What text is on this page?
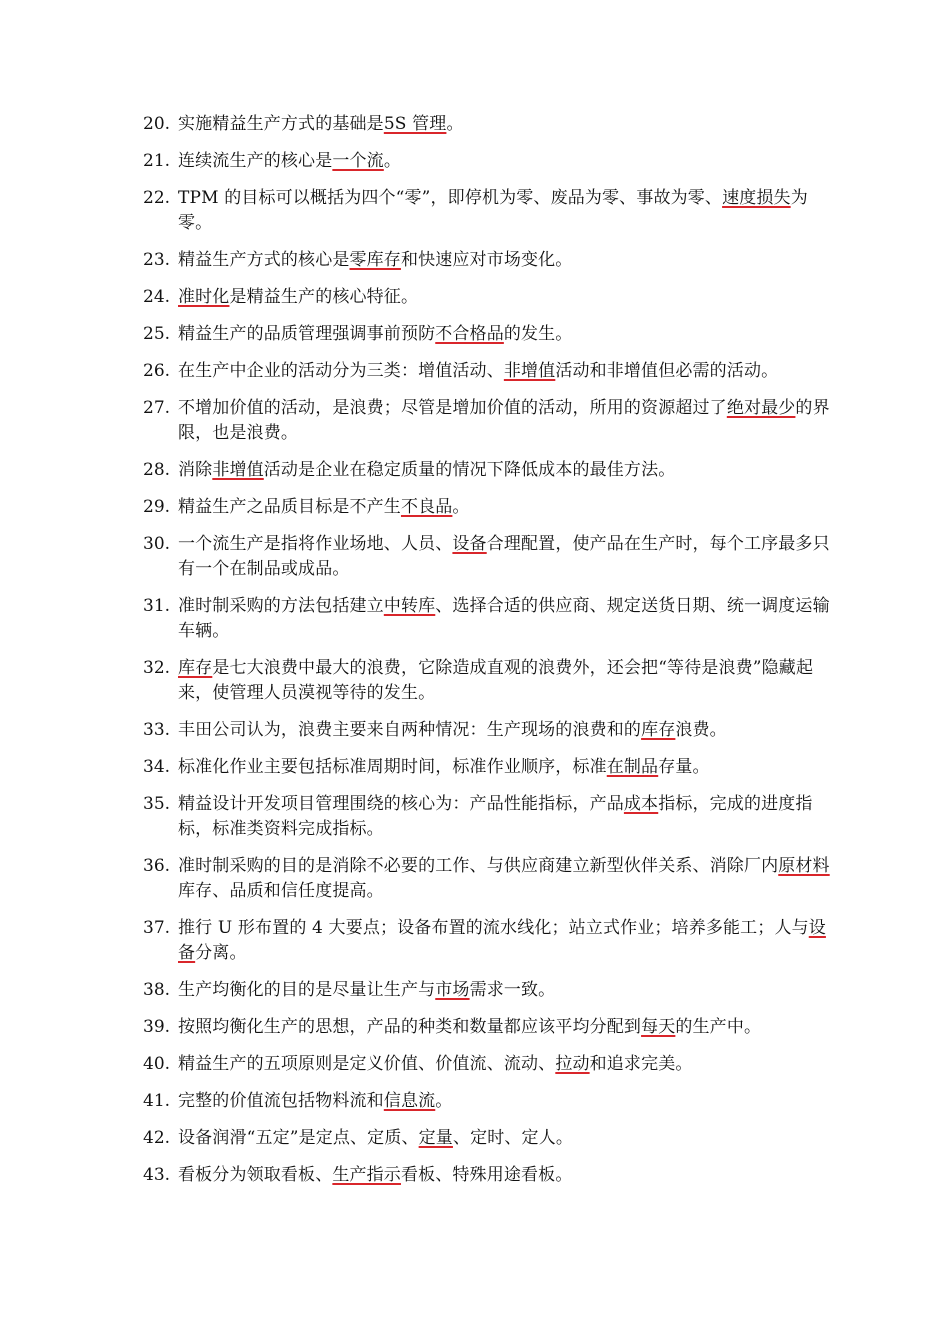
20. 实施精益生产方式的基础是5S 管理。
21. 连续流生产的核心是一个流。
22. TPM 的目标可以概括为四个“零”，即停机为零、废品为零、事故为零、速度损失为零。
23. 精益生产方式的核心是零库存和快速应对市场变化。
24. 准时化是精益生产的核心特征。
25. 精益生产的品质管理强调事前预防不合格品的发生。
26. 在生产中企业的活动分为三类：增值活动、非增值活动和非增值但必需的活动。
27. 不增加价值的活动，是浪费；尽管是增加价值的活动，所用的资源超过了绝对最少的界限，也是浪费。
28. 消除非增值活动是企业在稳定质量的情况下降低成本的最佳方法。
29. 精益生产之品质目标是不产生不良品。
30. 一个流生产是指将作业场地、人员、设备合理配置，使产品在生产时，每个工序最多只有一个在制品或成品。
31. 准时制采购的方法包括建立中转库、选择合适的供应商、规定送货日期、统一调度运输车辆。
32. 库存是七大浪费中最大的浪费，它除造成直观的浪费外，还会把“等待是浪费”隐藏起来，使管理人员漠视等待的发生。
33. 丰田公司认为，浪费主要来自两种情况：生产现场的浪费和的库存浪费。
34. 标准化作业主要包括标准周期时间，标准作业顺序，标准在制品存量。
35. 精益设计开发项目管理围绕的核心为：产品性能指标，产品成本指标，完成的进度指标，标准类资料完成指标。
36. 准时制采购的目的是消除不必要的工作、与供应商建立新型伙伴关系、消除厂内原材料库存、品质和信任度提高。
37. 推行 U 形布置的 4 大要点；设备布置的流水线化；站立式作业；培养多能工；人与设备分离。
38. 生产均衡化的目的是尽量让生产与市场需求一致。
39. 按照均衡化生产的思想，产品的种类和数量都应该平均分配到每天的生产中。
40. 精益生产的五项原则是定义价值、价值流、流动、拉动和追求完美。
41. 完整的价值流包括物料流和信息流。
42. 设备润滑“五定”是定点、定质、定量、定时、定人。
43. 看板分为领取看板、生产指示看板、特殊用途看板。
